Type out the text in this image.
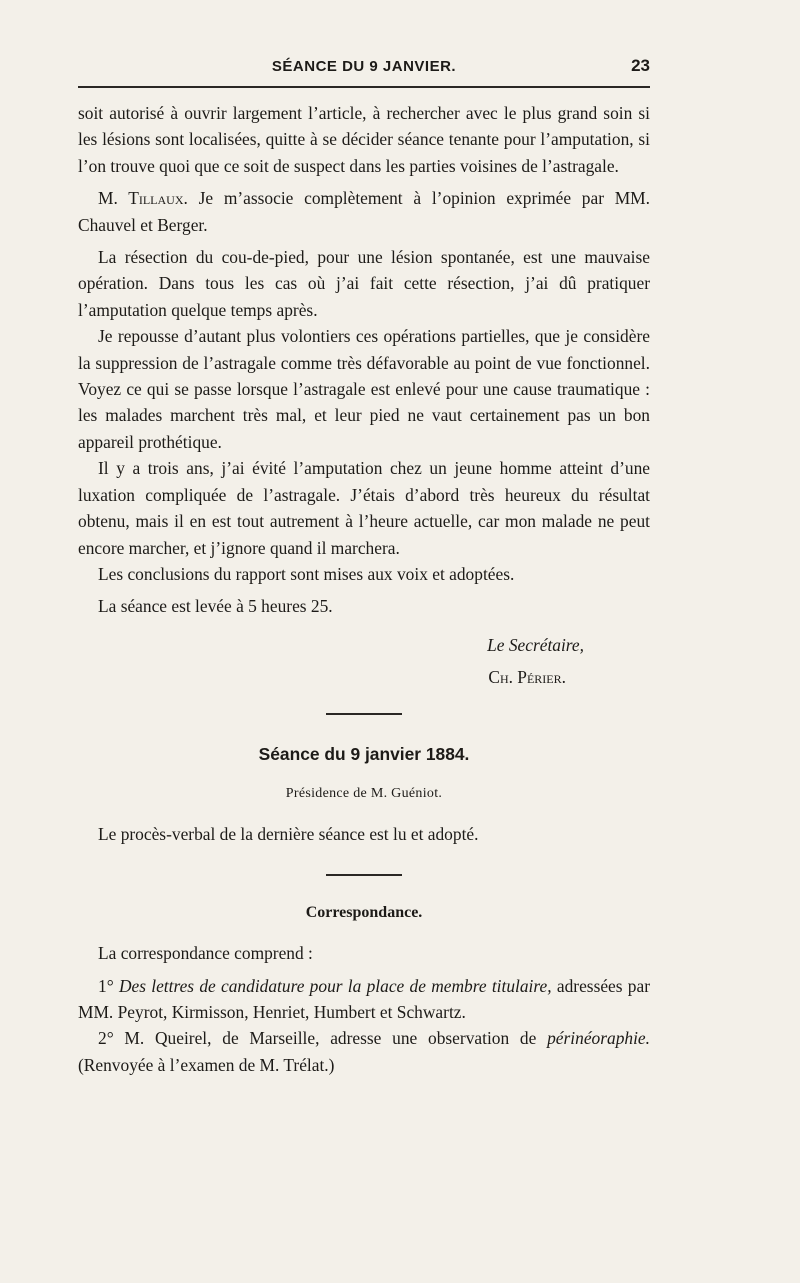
SÉANCE DU 9 JANVIER.	23

soit autorisé à ouvrir largement l’article, à rechercher avec le plus grand soin si les lésions sont localisées, quitte à se décider séance tenante pour l’amputation, si l’on trouve quoi que ce soit de suspect dans les parties voisines de l’astragale.

M. Tillaux. Je m’associe complètement à l’opinion exprimée par MM. Chauvel et Berger.

La résection du cou-de-pied, pour une lésion spontanée, est une mauvaise opération. Dans tous les cas où j’ai fait cette résection, j’ai dû pratiquer l’amputation quelque temps après.

Je repousse d’autant plus volontiers ces opérations partielles, que je considère la suppression de l’astragale comme très défavorable au point de vue fonctionnel. Voyez ce qui se passe lorsque l’astragale est enlevé pour une cause traumatique : les malades marchent très mal, et leur pied ne vaut certainement pas un bon appareil prothétique.

Il y a trois ans, j’ai évité l’amputation chez un jeune homme atteint d’une luxation compliquée de l’astragale. J’étais d’abord très heureux du résultat obtenu, mais il en est tout autrement à l’heure actuelle, car mon malade ne peut encore marcher, et j’ignore quand il marchera.

Les conclusions du rapport sont mises aux voix et adoptées.

La séance est levée à 5 heures 25.

Le Secrétaire,
Ch. Périer.
Séance du 9 janvier 1884.
Présidence de M. Guéniot.

Le procès-verbal de la dernière séance est lu et adopté.

Correspondance.

La correspondance comprend :

1° Des lettres de candidature pour la place de membre titulaire, adressées par MM. Peyrot, Kirmisson, Henriet, Humbert et Schwartz.

2° M. Queirel, de Marseille, adresse une observation de périnéoraphie. (Renvoyée à l’examen de M. Trélat.)
